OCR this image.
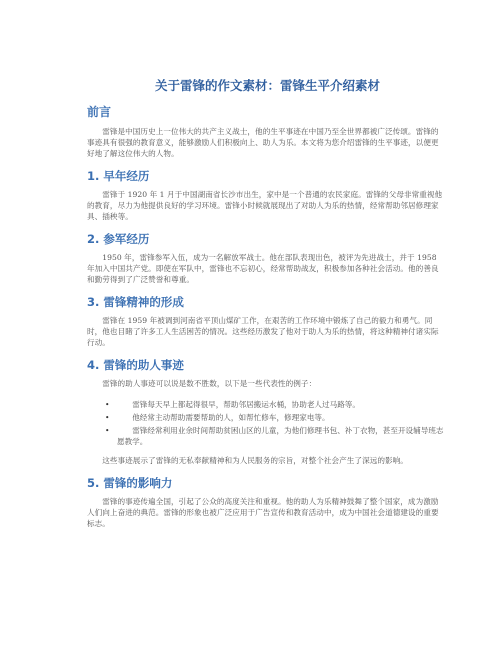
关于雷锋的作文素材：雷锋生平介绍素材
前言
雷锋是中国历史上一位伟大的共产主义战士，他的生平事迹在中国乃至全世界都被广泛传颂。雷锋的事迹具有很强的教育意义，能够激励人们积极向上、助人为乐。本文将为您介绍雷锋的生平事迹，以便更好地了解这位伟大的人物。
1. 早年经历
雷锋于 1920 年 1 月于中国湖南省长沙市出生，家中是一个普通的农民家庭。雷锋的父母非常重视他的教育，尽力为他提供良好的学习环境。雷锋小时候就展现出了对助人为乐的热情，经常帮助邻居修理家具、插秧等。
2. 参军经历
1950 年，雷锋参军入伍，成为一名解放军战士。他在部队表现出色，被评为先进战士，并于 1958 年加入中国共产党。即使在军队中，雷锋也不忘初心，经常帮助战友，积极参加各种社会活动。他的善良和勤劳得到了广泛赞誉和尊重。
3. 雷锋精神的形成
雷锋在 1959 年被调到河南省平顶山煤矿工作，在艰苦的工作环境中锻炼了自己的毅力和勇气。同时，他也目睹了许多工人生活困苦的情况。这些经历激发了他对于助人为乐的热情，将这种精神付诸实际行动。
4. 雷锋的助人事迹
雷锋的助人事迹可以说是数不胜数，以下是一些代表性的例子：
•	雷锋每天早上都起得很早，帮助邻居搬运水桶，协助老人过马路等。
•	他经常主动帮助需要帮助的人，如帮忙修车，修理家电等。
•	雷锋经常利用业余时间帮助贫困山区的儿童，为他们修理书包、补丁衣物，甚至开设辅导班志愿教学。
这些事迹展示了雷锋的无私奉献精神和为人民服务的宗旨，对整个社会产生了深远的影响。
5. 雷锋的影响力
雷锋的事迹传遍全国，引起了公众的高度关注和重视。他的助人为乐精神鼓舞了整个国家，成为激励人们向上奋进的典范。雷锋的形象也被广泛应用于广告宣传和教育活动中，成为中国社会道德建设的重要标志。
